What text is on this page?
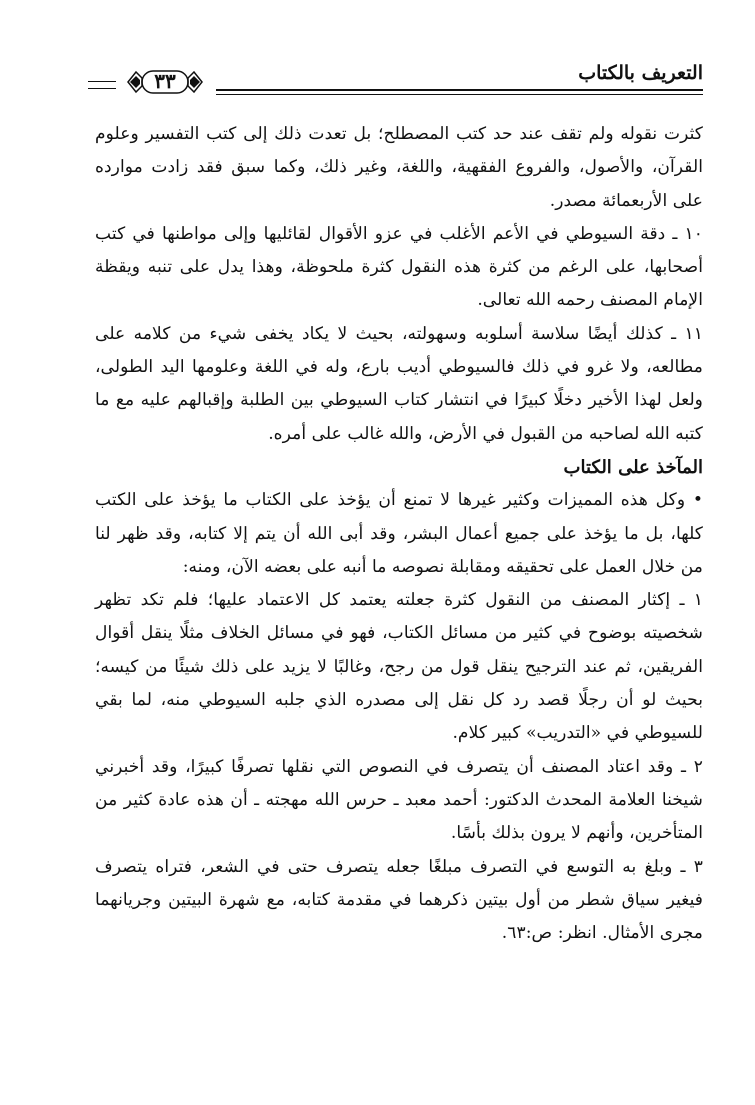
التعريف بالكتاب
٣٣

كثرت نقوله ولم تقف عند حد كتب المصطلح؛ بل تعدت ذلك إلى كتب التفسير وعلوم القرآن، والأصول، والفروع الفقهية، واللغة، وغير ذلك، وكما سبق فقد زادت موارده على الأربعمائة مصدر.

١٠ ـ دقة السيوطي في الأعم الأغلب في عزو الأقوال لقائليها وإلى مواطنها في كتب أصحابها، على الرغم من كثرة هذه النقول كثرة ملحوظة، وهذا يدل على تنبه ويقظة الإمام المصنف رحمه الله تعالى.

١١ ـ كذلك أيضًا سلاسة أسلوبه وسهولته، بحيث لا يكاد يخفى شيء من كلامه على مطالعه، ولا غرو في ذلك فالسيوطي أديب بارع، وله في اللغة وعلومها اليد الطولى، ولعل لهذا الأخير دخلًا كبيرًا في انتشار كتاب السيوطي بين الطلبة وإقبالهم عليه مع ما كتبه الله لصاحبه من القبول في الأرض، والله غالب على أمره.

المآخذ على الكتاب

• وكل هذه المميزات وكثير غيرها لا تمنع أن يؤخذ على الكتاب ما يؤخذ على الكتب كلها، بل ما يؤخذ على جميع أعمال البشر، وقد أبى الله أن يتم إلا كتابه، وقد ظهر لنا من خلال العمل على تحقيقه ومقابلة نصوصه ما أنبه على بعضه الآن، ومنه:

١ ـ إكثار المصنف من النقول كثرة جعلته يعتمد كل الاعتماد عليها؛ فلم تكد تظهر شخصيته بوضوح في كثير من مسائل الكتاب، فهو في مسائل الخلاف مثلًا ينقل أقوال الفريقين، ثم عند الترجيح ينقل قول من رجح، وغالبًا لا يزيد على ذلك شيئًا من كيسه؛ بحيث لو أن رجلًا قصد رد كل نقل إلى مصدره الذي جلبه السيوطي منه، لما بقي للسيوطي في «التدريب» كبير كلام.

٢ ـ وقد اعتاد المصنف أن يتصرف في النصوص التي نقلها تصرفًا كبيرًا، وقد أخبرني شيخنا العلامة المحدث الدكتور: أحمد معبد ـ حرس الله مهجته ـ أن هذه عادة كثير من المتأخرين، وأنهم لا يرون بذلك بأسًا.

٣ ـ وبلغ به التوسع في التصرف مبلغًا جعله يتصرف حتى في الشعر، فتراه يتصرف فيغير سياق شطر من أول بيتين ذكرهما في مقدمة كتابه، مع شهرة البيتين وجريانهما مجرى الأمثال. انظر: ص:٦٣.
